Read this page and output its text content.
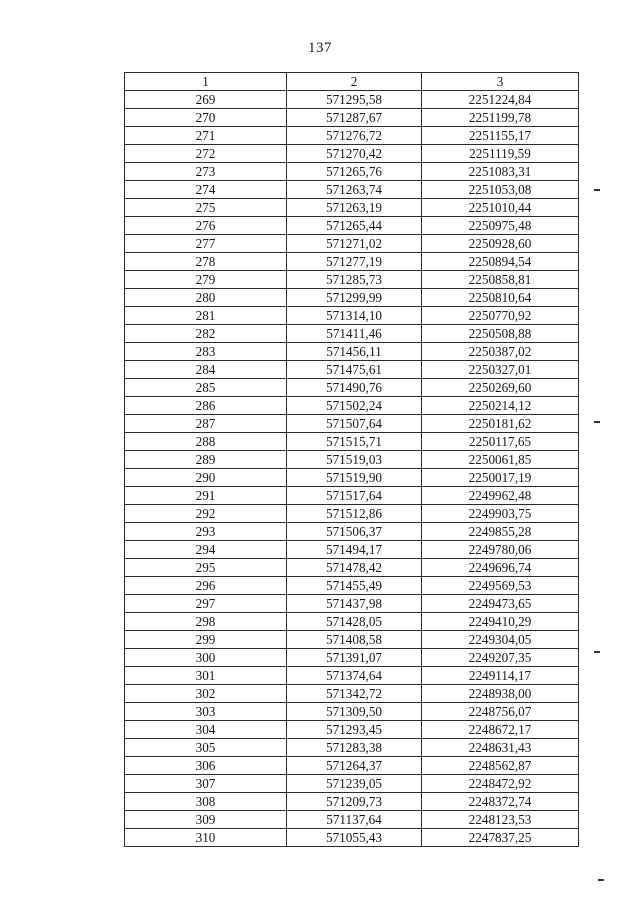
137
1	2	3
269	571295,58	2251224,84
270	571287,67	2251199,78
271	571276,72	2251155,17
272	571270,42	2251119,59
273	571265,76	2251083,31
274	571263,74	2251053,08
275	571263,19	2251010,44
276	571265,44	2250975,48
277	571271,02	2250928,60
278	571277,19	2250894,54
279	571285,73	2250858,81
280	571299,99	2250810,64
281	571314,10	2250770,92
282	571411,46	2250508,88
283	571456,11	2250387,02
284	571475,61	2250327,01
285	571490,76	2250269,60
286	571502,24	2250214,12
287	571507,64	2250181,62
288	571515,71	2250117,65
289	571519,03	2250061,85
290	571519,90	2250017,19
291	571517,64	2249962,48
292	571512,86	2249903,75
293	571506,37	2249855,28
294	571494,17	2249780,06
295	571478,42	2249696,74
296	571455,49	2249569,53
297	571437,98	2249473,65
298	571428,05	2249410,29
299	571408,58	2249304,05
300	571391,07	2249207,35
301	571374,64	2249114,17
302	571342,72	2248938,00
303	571309,50	2248756,07
304	571293,45	2248672,17
305	571283,38	2248631,43
306	571264,37	2248562,87
307	571239,05	2248472,92
308	571209,73	2248372,74
309	571137,64	2248123,53
310	571055,43	2247837,25
